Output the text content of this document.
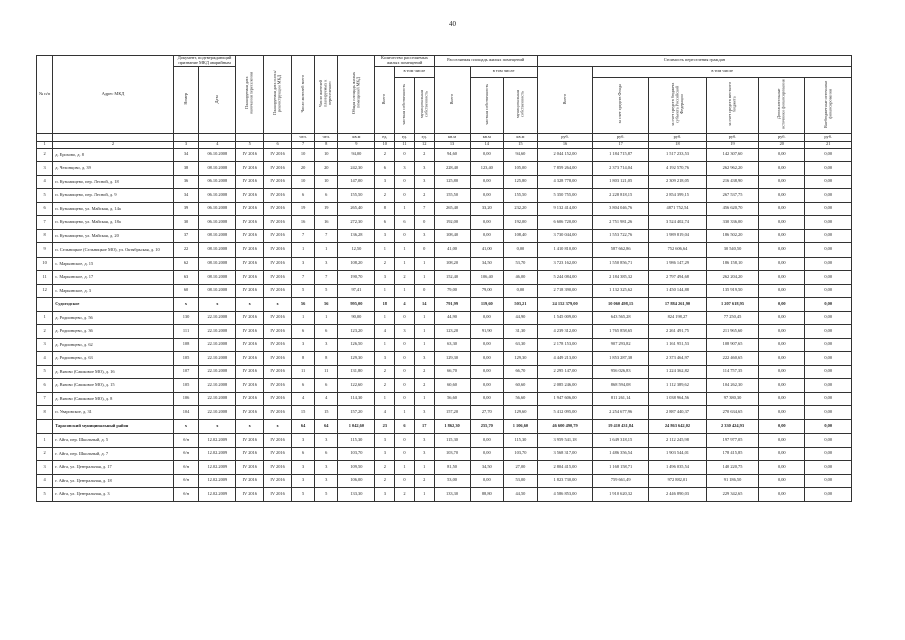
40
№ п/п	Адрес МКД	Документ, подтверждающий признание МКД аварийным		Планируемая дата окончания переселения	Планируемая дата сноса/ реконструкции МКД	Число жителей всего	Число жителей планируемых к переселению	Общая площадь жилых помещений МКД	Количество расселяемых жилых помещений			Расселяемая площадь жилых помещений			Стоимость переселения граждан					
		Номер	Дата						Всего	в том числе		Всего	в том числе		Всего	в том числе				
										частная собственность	муниципальная собственность		частная собственность	муниципальная собственность		за счет средств Фонда	за счет средств бюджета субъекта Российской Федерации	за счет средств местного бюджета	Дополнительные источники финансирования	Внебюджетные источники финансирования
						чел.	чел.	кв.м	ед.	ед.	ед.	кв.м	кв.м	кв.м	руб.	руб.	руб.	руб.	руб.	руб.
1	2	3	4	5	6	7	8	9	10	11	12	13	14	15	16	17	18	19	20	21
2	д. Ерохово, д. 8	34	06.10.2008	IV 2016	IV 2016	10	10	94,00	2	0	2	94,60	0,00	94,60	2 044 152,00	1 184 715,87	1 517 233,53	142 307,60	0,00	0,00
3	д. Чехонцово, д. 39	38	08.10.2008	IV 2016	IV 2016	20	20	242,30	6	3	3	228,40	123,40	105,00	7 859 264,00	2 373 714,04	4 192 570,76	262 962,20	0,00	0,00
4	п. Кузьмищево, пер. Лесной, д. 18	36	06.10.2008	IV 2016	IV 2016	10	10	147,00	3	0	3	125,80	0,00	125,80	4 328 778,00	1 803 121,05	2 309 218,05	216 438,90	0,00	0,00
5	п. Кузьмищево, пер. Лесной, д. 9	34	06.10.2008	IV 2016	IV 2016	6	6	155,50	2	0	2	155,50	0,00	155,50	5 350 755,00	2 228 818,15	2 854 399,15	267 537,75	0,00	0,00
6	п. Кузьмищево, ул. Майская, д. 14а	39	06.10.2008	IV 2016	IV 2016	19	19	265,40	8	1	7	265,40	33,20	232,20	9 132 414,00	3 804 046,76	4871 752,54	456 620,70	0,00	0,00
7	п. Кузьмищево, ул. Майская, д. 18а	30	06.10.2008	IV 2016	IV 2016	16	16	272,30	6	6	0	192,00	0,00	192,00	6 606 720,00	2 751 981,26	3 524 402,74	330 336,00	0,00	0,00
8	п. Кузьмищево, ул. Майская, д. 20	37	08.10.2008	IV 2016	IV 2016	7	7	136,28	3	0	3	108,40	0,00	108,40	3 730 044,00	1 553 722,76	1 989 819,04	186 502,20	0,00	0,00
9	п. Сельницкое (Сельницкое МО), ул. Октябрьская, д. 10	22	08.10.2008	IV 2016	IV 2016	1	1	12,50	1	1	0	41,00	41,00	0,00	1 410 810,00	587 662,86	752 606,64	30 540,50	0,00	0,00
10	с. Марьинское, д. 15	62	08.10.2008	IV 2016	IV 2016	3	3	108,20	2	1	1	108,20	34,50	53,70	3 723 162,00	1 550 856,71	1 986 147,29	186 158,10	0,00	0,00
11	с. Марьинское, д. 17	63	08.10.2008	IV 2016	IV 2016	7	7	190,70	3	2	1	152,40	106,40	46,00	5 244 084,00	2 184 385,32	2 797 494,68	262 204,20	0,00	0,00
12	с. Марьинское, д. 3	60	08.10.2008	IV 2016	IV 2016	5	5	97,41	1	1	0	79,00	79,00	0,00	2 718 390,00	1 132 325,62	1 450 144,88	135 919,50	0,00	0,00
	Судогодское	х	х	х	х	56	56	995,00	18	4	14	791,99	119,60	503,21	24 152 379,00	10 060 498,15	17 884 261,90	1 207 618,95	0,00	0,00
1	д. Родионцево, д. 56	130	22.10.2008	IV 2016	IV 2016	1	1	90,00	1	0	1	44,90	0,00	44,90	1 545 009,00	643 565,28	824 198,27	77 250,45	0,00	0,00
2	д. Родионцево, д. 36	111	22.10.2008	IV 2016	IV 2016	6	6	123,20	4	3	1	123,20	91,90	31,30	4 239 312,00	1 765 858,65	2 261 491,75	211 965,60	0,00	0,00
3	д. Родионцево, д. 62	108	22.10.2008	IV 2016	IV 2016	3	3	126,50	1	0	1	63,30	0,00	63,30	2 178 153,00	907 293,82	1 161 951,53	108 907,65	0,00	0,00
4	д. Родионцево, д. 63	105	22.10.2008	IV 2016	IV 2016	8	8	129,30	3	0	3	129,30	0,00	129,30	4 449 213,00	1 853 287,38	2 373 464,97	222 460,65	0,00	0,00
5	д. Вязово (Сашковое МО), д. 16	107	22.10.2008	IV 2016	IV 2016	11	11	131,80	2	0	2	66,70	0,00	66,70	2 295 147,00	956 026,83	1 224 362,82	114 757,35	0,00	0,00
6	д. Вязово (Сашковое МО), д. 15	105	22.10.2008	IV 2016	IV 2016	6	6	122,60	2	0	2	60,60	0,00	60,60	2 085 246,00	868 594,08	1 112 389,62	104 262,30	0,00	0,00
7	д. Вязово (Сашковое МО), д. 8	106	22.10.2008	IV 2016	IV 2016	4	4	114,30	1	0	1	56,60	0,00	56,60	1 947 606,00	811 261,14	1 038 964,56	97 380,30	0,00	0,00
8	п. Уваровское, д. 31	104	22.10.2008	IV 2016	IV 2016	15	15	157,20	4	1	3	157,20	27,70	129,60	5 412 095,00	2 254 677,96	2 887 440,37	270 634,65	0,00	0,00
	Тарасовский муниципальный район	х	х	х	х	64	64	1 042,60	23	6	17	1 862,30	255,70	1 106,60	46 600 490,79	19 410 431,84	24 863 642,02	2 330 424,93	0,00	0,00
1	г. Айга, пер. Школьный, д. 5	б/н	12.02.2009	IV 2016	IV 2016	3	3	115,30	3	0	3	115,30	0,00	115,30	3 959 541,18	1 649 318,15	2 112 245,98	197 977,05	0,00	0,00
2	г. Айга, пер. Школьный, д. 7	б/н	12.02.2009	IV 2016	IV 2016	6	6	103,70	3	0	3	103,70	0,00	103,70	3 568 317,00	1 486 356,54	1 903 544,01	178 415,85	0,00	0,00
3	г. Айга, ул. Центральная, д. 17	б/н	12.02.2009	IV 2016	IV 2016	3	3	109,50	2	1	1	81,50	34,50	27,00	2 804 415,00	1 168 158,71	1 496 035,54	140 220,75	0,00	0,00
4	г. Айга, ул. Центральная, д. 18	б/н	12.02.2009	IV 2016	IV 2016	3	3	106,00	2	0	2	53,00	0,00	53,00	1 823 730,00	759 661,49	972 882,01	91 186,50	0,00	0,00
5	г. Айга, ул. Центральная, д. 3	б/н	12.02.2009	IV 2016	IV 2016	5	5	133,30	3	2	1	133,30	88,80	44,50	4 586 853,00	1 910 620,32	2 446 890,03	229 342,65	0,00	0,00
